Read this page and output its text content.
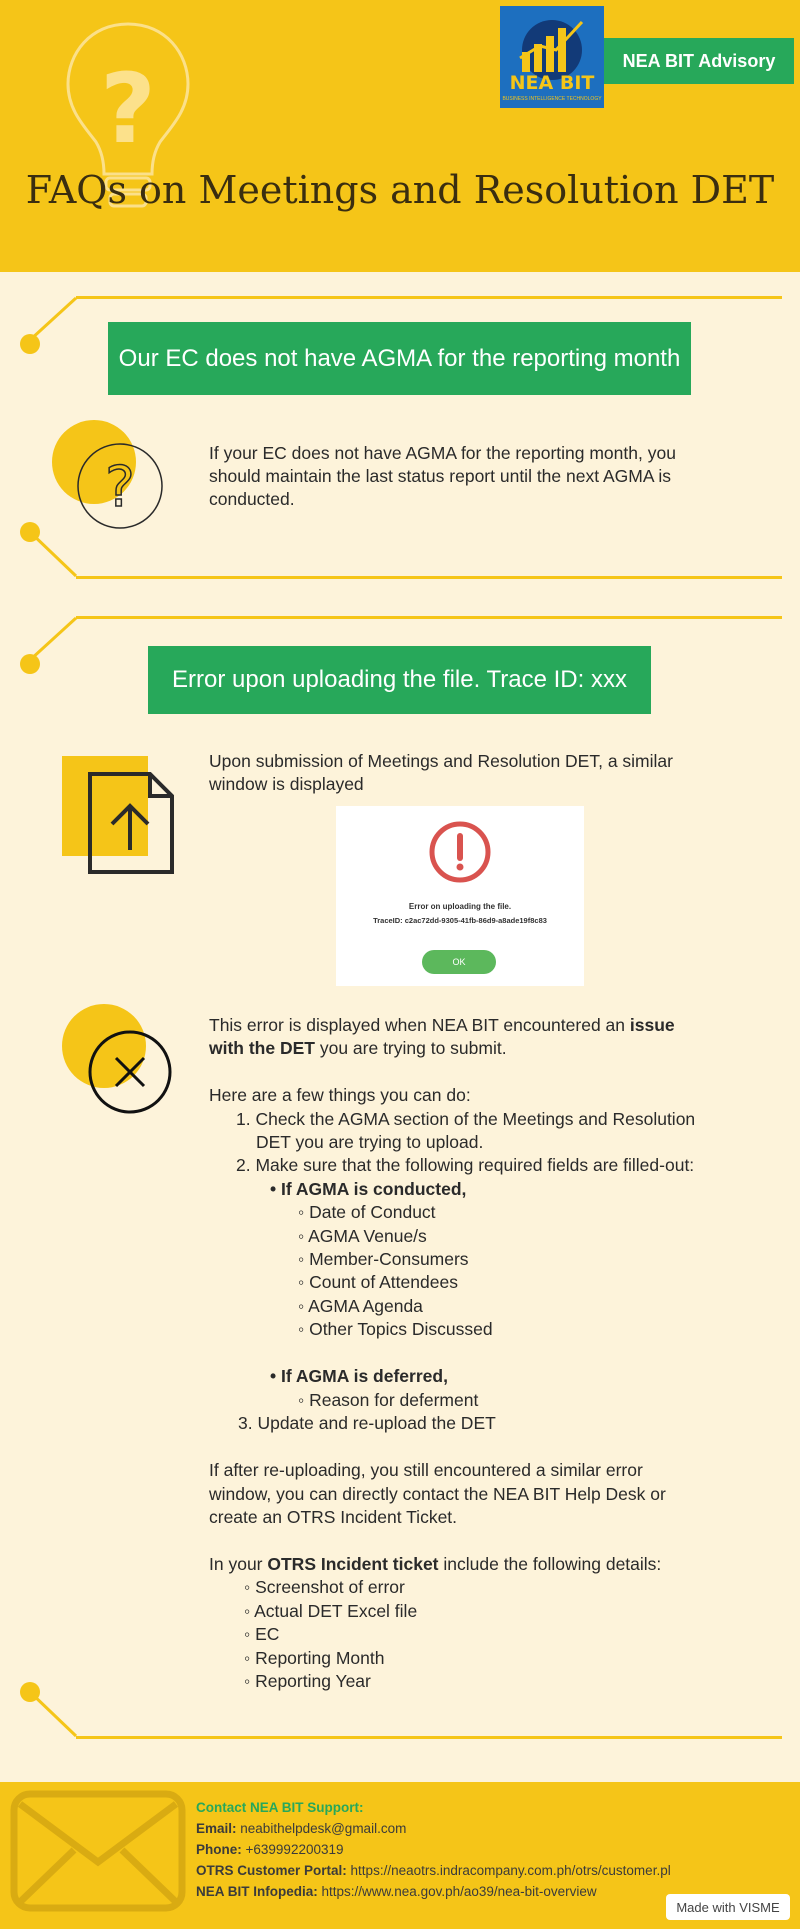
?	NEA BIT
BUSINESS INTELLIGENCE TECHNOLOGY
NEA BIT Advisory
FAQs on Meetings and Resolution DET
Our EC does not have AGMA for the reporting month
?
If your EC does not have AGMA for the reporting month, you should maintain the last status report until the next AGMA is conducted.
Error upon uploading the file. Trace ID: xxx
Upon submission of Meetings and Resolution DET, a similar window is displayed
Error on uploading the file.
TraceID: c2ac72dd-9305-41fb-86d9-a8ade19f8c83
OK
This error is displayed when NEA BIT encountered an issue with the DET you are trying to submit.
Here are a few things you can do:
1. Check the AGMA section of the Meetings and Resolution
DET you are trying to upload.
2. Make sure that the following required fields are filled-out:
• If AGMA is conducted,
◦ Date of Conduct
◦ AGMA Venue/s
◦ Member-Consumers
◦ Count of Attendees
◦ AGMA Agenda
◦ Other Topics Discussed
• If AGMA is deferred,
◦ Reason for deferment
3. Update and re-upload the DET
If after re-uploading, you still encountered a similar error
window, you can directly contact the NEA BIT Help Desk or
create an OTRS Incident Ticket.
In your OTRS Incident ticket include the following details:
◦ Screenshot of error
◦ Actual DET Excel file
◦ EC
◦ Reporting Month
◦ Reporting Year
Contact NEA BIT Support:
Email: neabithelpdesk@gmail.com
Phone: +639992200319
OTRS Customer Portal: https://neaotrs.indracompany.com.ph/otrs/customer.pl
NEA BIT Infopedia: https://www.nea.gov.ph/ao39/nea-bit-overview
Made with VISME
